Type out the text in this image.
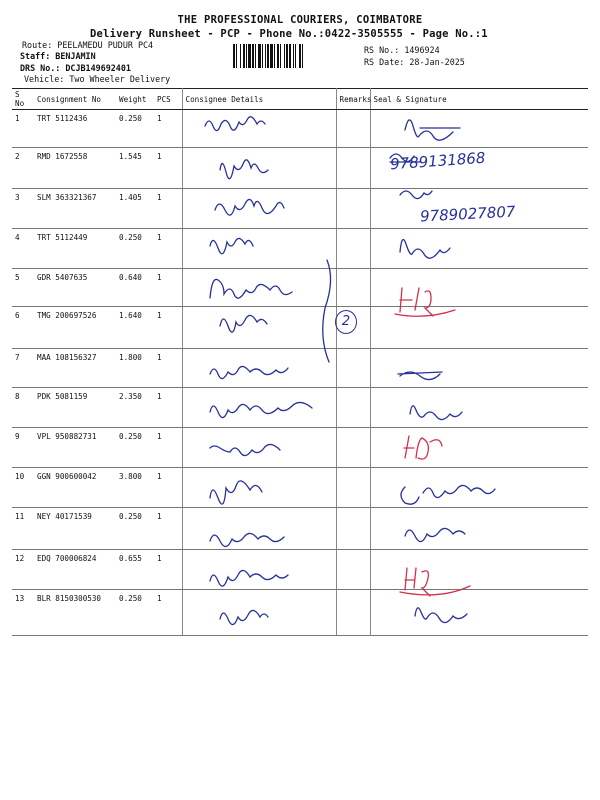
THE PROFESSIONAL COURIERS, COIMBATORE
Delivery Runsheet - PCP - Phone No.:0422-3505555 - Page No.:1
Route: PEELAMEDU PUDUR PC4
Staff: BENJAMIN
DRS No.: DCJB149692401
Vehicle: Two Wheeler Delivery
RS No.: 1496924
RS Date: 28-Jan-2025
S No	Consignment No	Weight	PCS	Consignee Details	Remarks	Seal & Signature
1	TRT 5112436	0.250	1			
2	RMD 1672558	1.545	1			
3	SLM 363321367	1.405	1			
4	TRT 5112449	0.250	1			
5	GDR 5407635	0.640	1			
6	TMG 200697526	1.640	1			
7	MAA 108156327	1.800	1			
8	PDK 5081159	2.350	1			
9	VPL 950882731	0.250	1			
10	GGN 900600042	3.800	1			
11	NEY 40171539	0.250	1			
12	EDQ 700006824	0.655	1			
13	BLR 8150300530	0.250	1			
9789131868
9789027807
2
